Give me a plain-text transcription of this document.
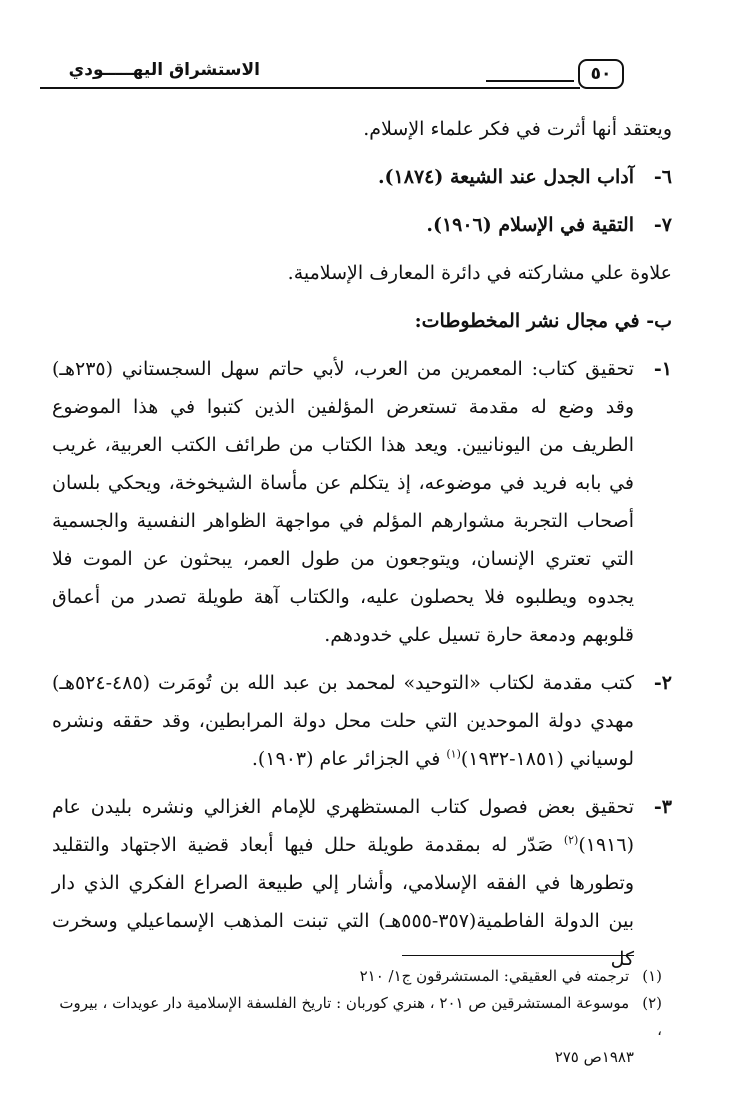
٥٠
الاستشراق اليهـــــودي

ويعتقد أنها أثرت في فكر علماء الإسلام.

٦-
آداب الجدل عند الشيعة (١٨٧٤).
٧-
التقية في الإسلام (١٩٠٦).

علاوة علي مشاركته في دائرة المعارف الإسلامية.

ب- في مجال نشر المخطوطات:

١-
تحقيق كتاب: المعمرين من العرب، لأبي حاتم سهل السجستاني (٢٣٥هـ) وقد وضع له مقدمة تستعرض المؤلفين الذين كتبوا في هذا الموضوع الطريف من اليونانيين. ويعد هذا الكتاب من طرائف الكتب العربية، غريب في بابه فريد في موضوعه، إذ يتكلم عن مأساة الشيخوخة، ويحكي بلسان أصحاب التجربة مشوارهم المؤلم في مواجهة الظواهر النفسية والجسمية التي تعتري الإنسان، ويتوجعون من طول العمر، يبحثون عن الموت فلا يجدوه ويطلبوه فلا يحصلون عليه، والكتاب آهة طويلة تصدر من أعماق قلوبهم ودمعة حارة تسيل علي خدودهم.
٢-
كتب مقدمة لكتاب «التوحيد» لمحمد بن عبد الله بن تُومَرت (٤٨٥-٥٢٤هـ) مهدي دولة الموحدين التي حلت محل دولة المرابطين، وقد حققه ونشره لوسياني (١٨٥١-١٩٣٢)$^{(١)}$ في الجزائر عام (١٩٠٣).
٣-
تحقيق بعض فصول كتاب المستظهري للإمام الغزالي ونشره بليدن عام (١٩١٦)$^{(٢)}$ صَدّر له بمقدمة طويلة حلل فيها أبعاد قضية الاجتهاد والتقليد وتطورها في الفقه الإسلامي، وأشار إلي طبيعة الصراع الفكري الذي دار بين الدولة الفاطمية(٣٥٧-٥٥٥هـ) التي تبنت المذهب الإسماعيلي وسخرت كل

(١) ترجمته في العقيقي: المستشرقون ج١/ ٢١٠

(٢) موسوعة المستشرقين ص ٢٠١ ، هنري كوربان : تاريخ الفلسفة الإسلامية دار عويدات ، بيروت ،

١٩٨٣ص ٢٧٥
